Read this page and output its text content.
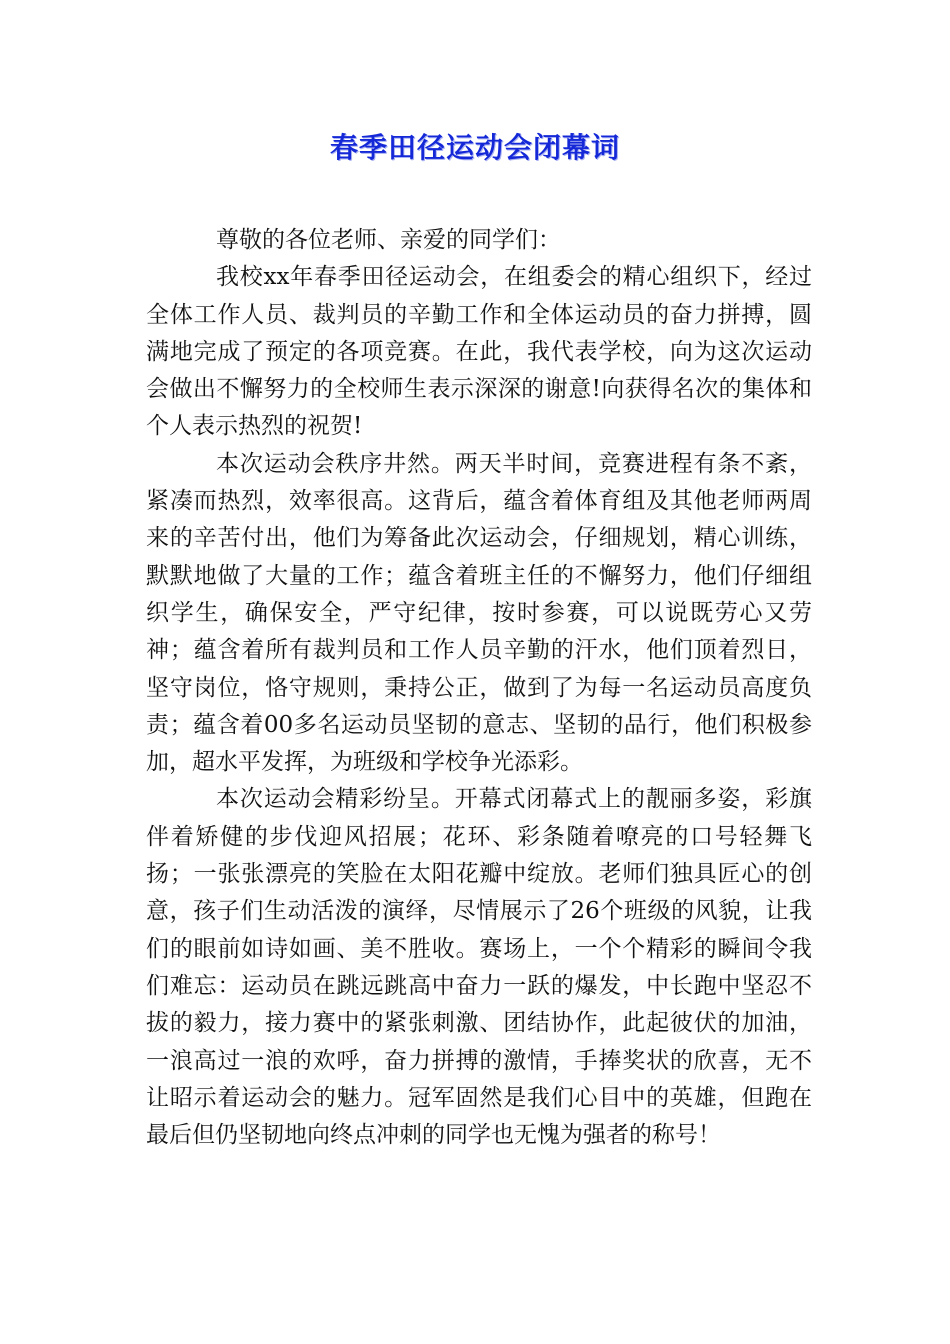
春季田径运动会闭幕词

尊敬的各位老师、亲爱的同学们：

我校xx年春季田径运动会，在组委会的精心组织下，经过全体工作人员、裁判员的辛勤工作和全体运动员的奋力拼搏，圆满地完成了预定的各项竞赛。在此，我代表学校，向为这次运动会做出不懈努力的全校师生表示深深的谢意!向获得名次的集体和个人表示热烈的祝贺!

本次运动会秩序井然。两天半时间，竞赛进程有条不紊，紧凑而热烈，效率很高。这背后，蕴含着体育组及其他老师两周来的辛苦付出，他们为筹备此次运动会，仔细规划，精心训练，默默地做了大量的工作；蕴含着班主任的不懈努力，他们仔细组织学生，确保安全，严守纪律，按时参赛，可以说既劳心又劳神；蕴含着所有裁判员和工作人员辛勤的汗水，他们顶着烈日，坚守岗位，恪守规则，秉持公正，做到了为每一名运动员高度负责；蕴含着00多名运动员坚韧的意志、坚韧的品行，他们积极参加，超水平发挥，为班级和学校争光添彩。

本次运动会精彩纷呈。开幕式闭幕式上的靓丽多姿，彩旗伴着矫健的步伐迎风招展；花环、彩条随着嘹亮的口号轻舞飞扬；一张张漂亮的笑脸在太阳花瓣中绽放。老师们独具匠心的创意，孩子们生动活泼的演绎，尽情展示了26个班级的风貌，让我们的眼前如诗如画、美不胜收。赛场上，一个个精彩的瞬间令我们难忘：运动员在跳远跳高中奋力一跃的爆发，中长跑中坚忍不拔的毅力，接力赛中的紧张刺激、团结协作，此起彼伏的加油，一浪高过一浪的欢呼，奋力拼搏的激情，手捧奖状的欣喜，无不让昭示着运动会的魅力。冠军固然是我们心目中的英雄，但跑在最后但仍坚韧地向终点冲刺的同学也无愧为强者的称号！
